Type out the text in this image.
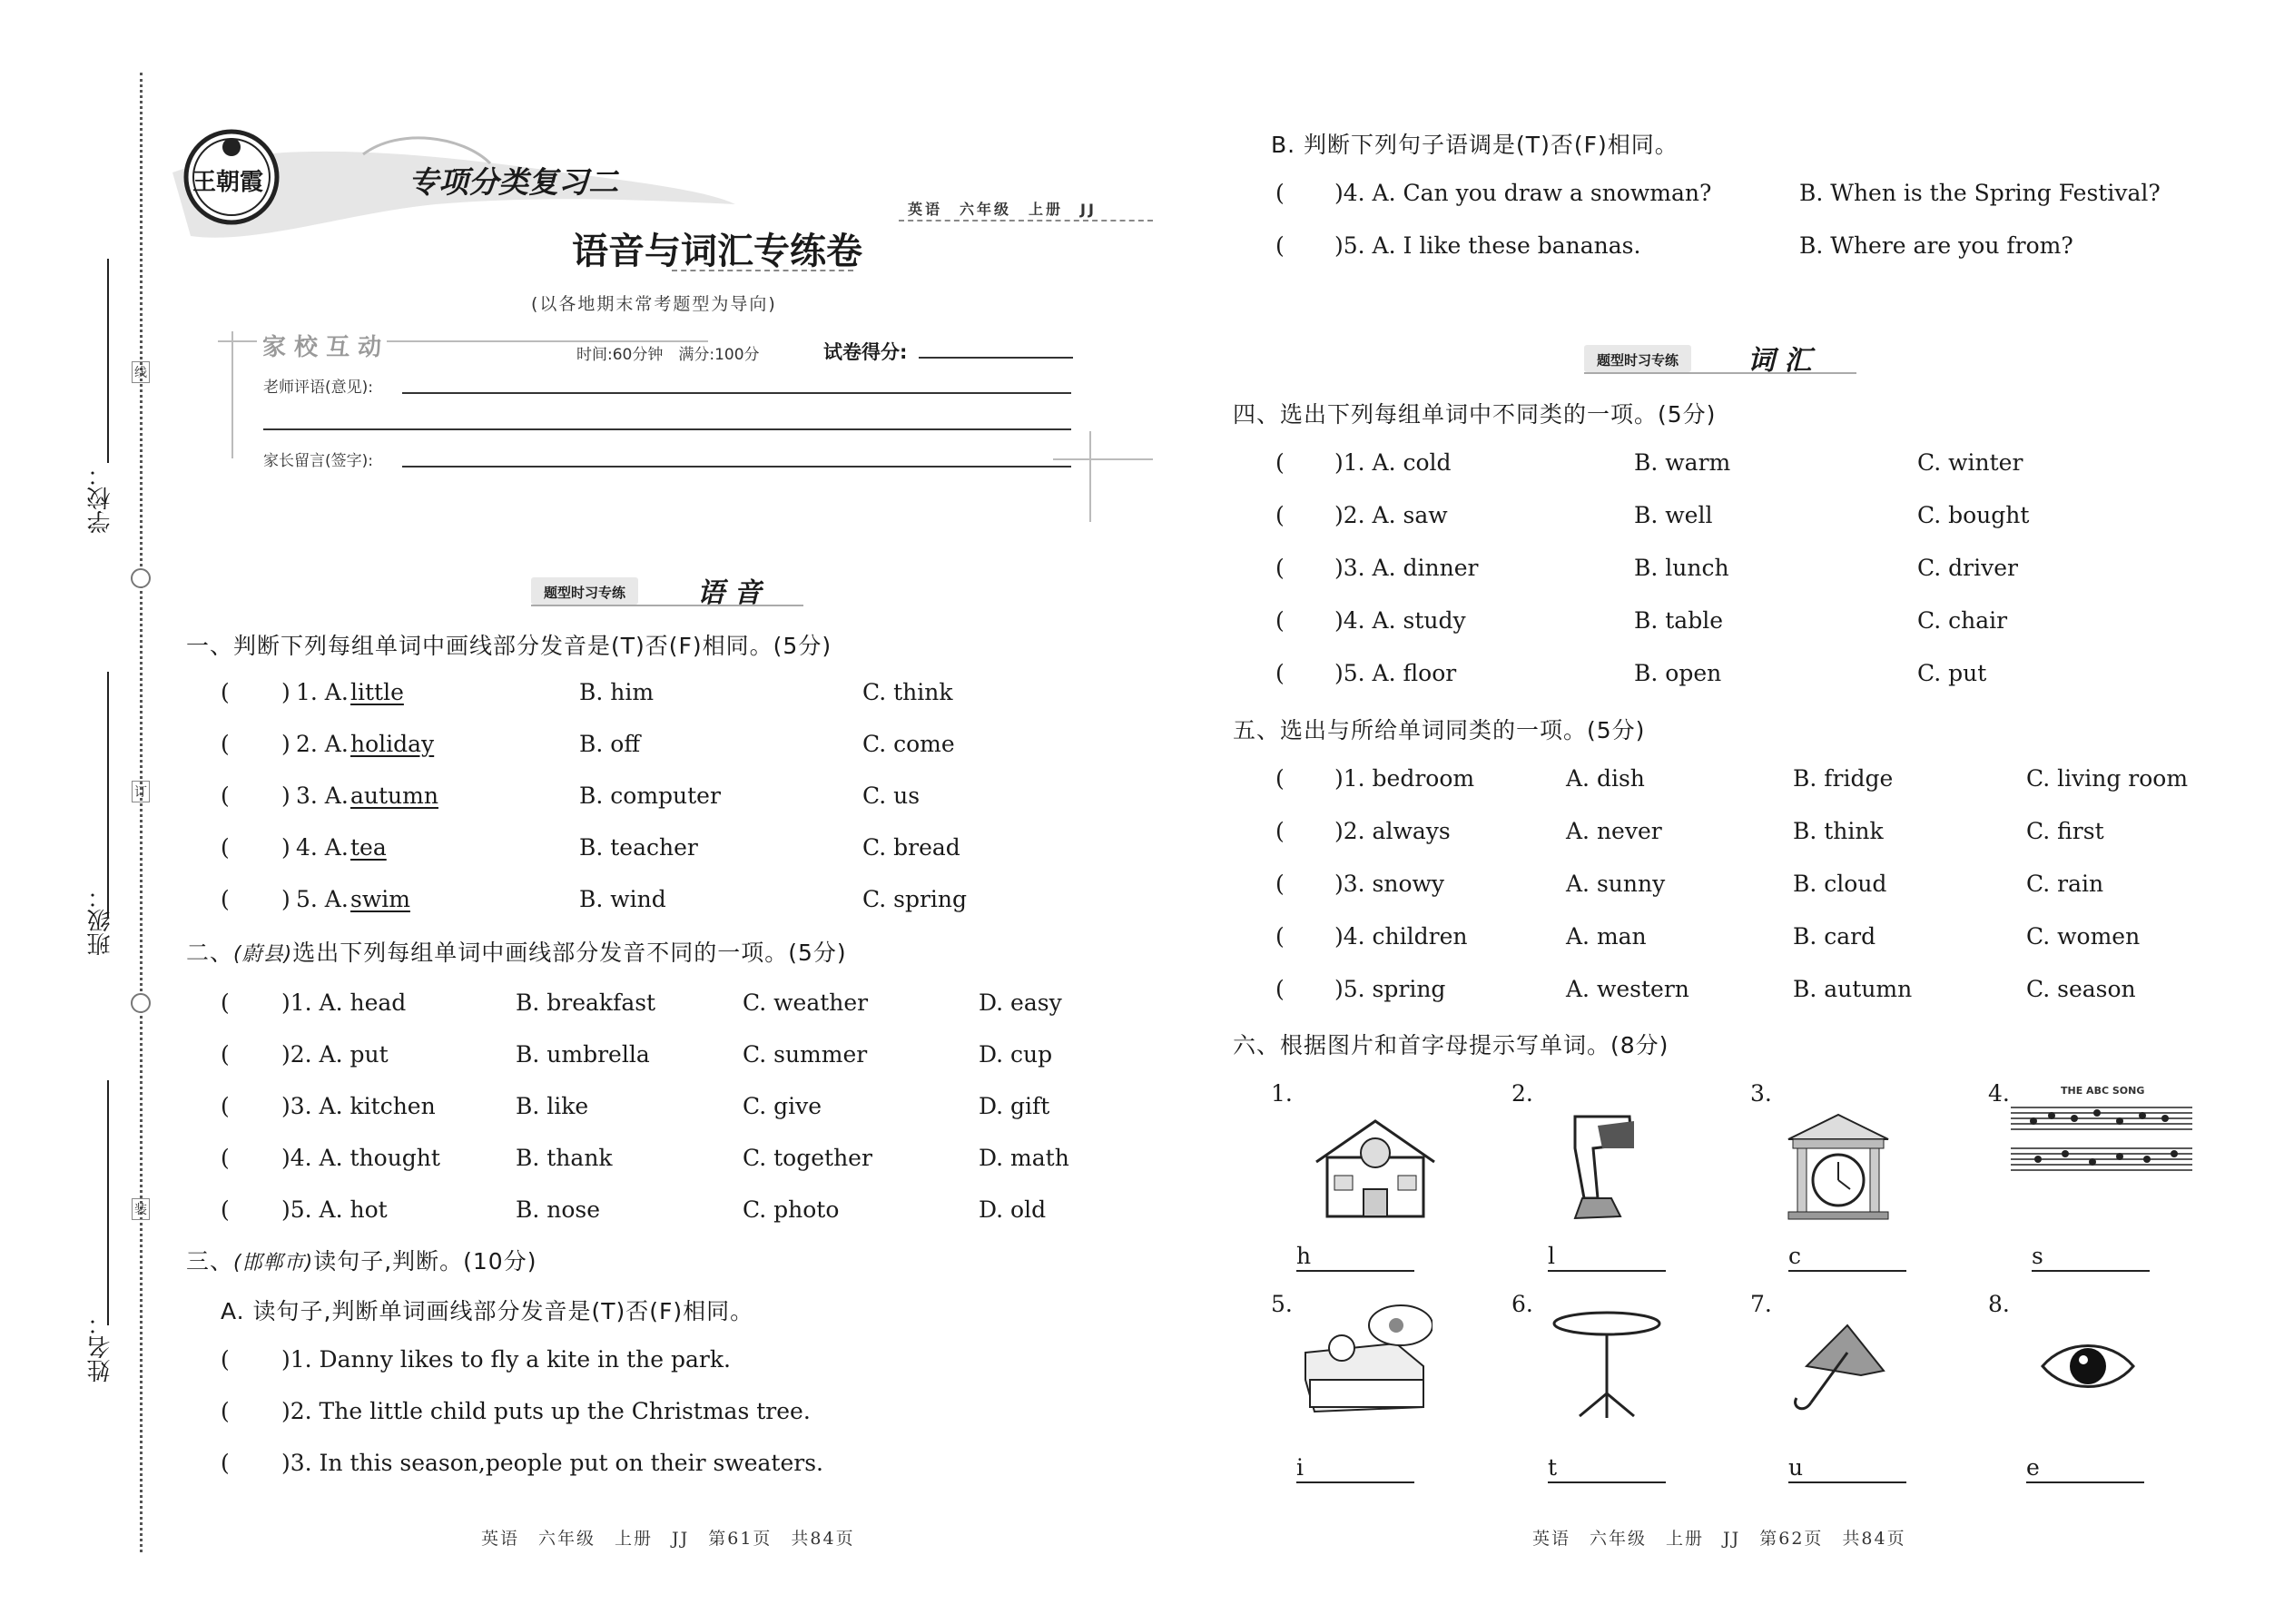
学校：
班级：
姓名：
线
订
装
王朝霞	专项分类复习二
英语　六年级　上册　JJ
语音与词汇专练卷
(以各地期末常考题型为导向)
家 校 互 动	时间:60分钟　满分:100分	试卷得分:
老师评语(意见):
家长留言(签字):
题型时习专练	语 音
一、判断下列每组单词中画线部分发音是(T)否(F)相同。(5分)
二、(蔚县)选出下列每组单词中画线部分发音不同的一项。(5分)
三、(邯郸市)读句子,判断。(10分)
A. 读句子,判断单词画线部分发音是(T)否(F)相同。
B. 判断下列句子语调是(T)否(F)相同。
题型时习专练	词 汇
四、选出下列每组单词中不同类的一项。(5分)
五、选出与所给单词同类的一项。(5分)
六、根据图片和首字母提示写单词。(8分)
英语　六年级　上册　JJ　第61页　共84页	英语　六年级　上册　JJ　第62页　共84页
( ) 1. A. little	B. him	C. think
( ) 2. A. holiday	B. off	C. come
( ) 3. A. autumn	B. computer	C. us
( ) 4. A. tea	B. teacher	C. bread
( ) 5. A. swim	B. wind	C. spring
( )1. A. head	B. breakfast	C. weather	D. easy
( )2. A. put	B. umbrella	C. summer	D. cup
( )3. A. kitchen	B. like	C. give	D. gift
( )4. A. thought	B. thank	C. together	D. math
( )5. A. hot	B. nose	C. photo	D. old
( )1. Danny likes to fly a kite in the park.
( )2. The little child puts up the Christmas tree.
( )3. In this season,people put on their sweaters.
( )4. A. Can you draw a snowman?	B. When is the Spring Festival?
( )5. A. I like these bananas.	B. Where are you from?
( )1. A. cold	B. warm	C. winter
( )2. A. saw	B. well	C. bought
( )3. A. dinner	B. lunch	C. driver
( )4. A. study	B. table	C. chair
( )5. A. floor	B. open	C. put
( )1. bedroom	A. dish	B. fridge	C. living room
( )2. always	A. never	B. think	C. first
( )3. snowy	A. sunny	B. cloud	C. rain
( )4. children	A. man	B. card	C. women
( )5. spring	A. western	B. autumn	C. season
1.
h
2.
l
3.
c
4.	THE ABC SONG
s
5.
i
6.
t
7.
u
8.
e
